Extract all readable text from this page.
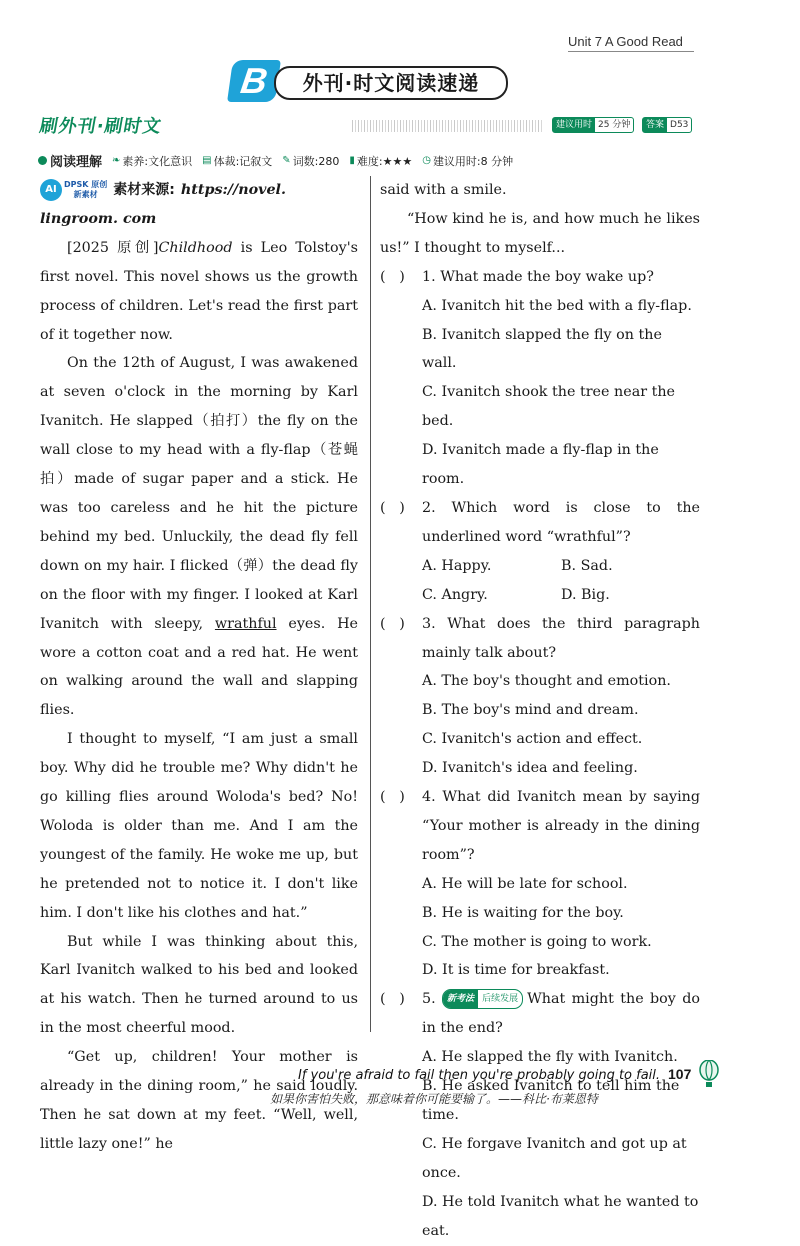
Unit 7 A Good Read
B	外刊·时文阅读速递
刷外刊·刷时文	建议用时 25 分钟	答案 D53
阅读理解 ❧ 素养:文化意识 ▤ 体裁:记叙文 ✎ 词数:280 ▮ 难度:★★★ ◷ 建议用时:8 分钟
AI DPSK 原创
新素材	素材来源: https://novel.

lingroom. com

[2025 原创]Childhood is Leo Tolstoy's first novel. This novel shows us the growth process of children. Let's read the first part of it together now.

On the 12th of August, I was awakened at seven o'clock in the morning by Karl Ivanitch. He slapped（拍打）the fly on the wall close to my head with a fly-flap（苍蝇拍）made of sugar paper and a stick. He was too careless and he hit the picture behind my bed. Unluckily, the dead fly fell down on my hair. I flicked（弹）the dead fly on the floor with my finger. I looked at Karl Ivanitch with sleepy, wrathful eyes. He wore a cotton coat and a red hat. He went on walking around the wall and slapping flies.

I thought to myself, “I am just a small boy. Why did he trouble me? Why didn't he go killing flies around Woloda's bed? No! Woloda is older than me. And I am the youngest of the family. He woke me up, but he pretended not to notice it. I don't like him. I don't like his clothes and hat.”

But while I was thinking about this, Karl Ivanitch walked to his bed and looked at his watch. Then he turned around to us in the most cheerful mood.

“Get up, children! Your mother is already in the dining room,” he said loudly. Then he sat down at my feet. “Well, well, little lazy one!” he

said with a smile.

“How kind he is, and how much he likes us!” I thought to myself...

(   )	1. What made the boy wake up?
A. Ivanitch hit the bed with a fly-flap.
B. Ivanitch slapped the fly on the wall.
C. Ivanitch shook the tree near the bed.
D. Ivanitch made a fly-flap in the room.
(   )	2. Which word is close to the underlined word “wrathful”?
A. Happy.	B. Sad.
C. Angry.	D. Big.
(   )	3. What does the third paragraph mainly talk about?
A. The boy's thought and emotion.
B. The boy's mind and dream.
C. Ivanitch's action and effect.
D. Ivanitch's idea and feeling.
(   )	4. What did Ivanitch mean by saying “Your mother is already in the dining room”?
A. He will be late for school.
B. He is waiting for the boy.
C. The mother is going to work.
D. It is time for breakfast.
(   )	5.	新考法 后续发展 What might the boy do in the end?
A. He slapped the fly with Ivanitch.
B. He asked Ivanitch to tell him the time.
C. He forgave Ivanitch and got up at once.
D. He told Ivanitch what he wanted to eat.
If you're afraid to fail then you're probably going to fail. 107
如果你害怕失败，那意味着你可能要输了。——科比·布莱恩特
